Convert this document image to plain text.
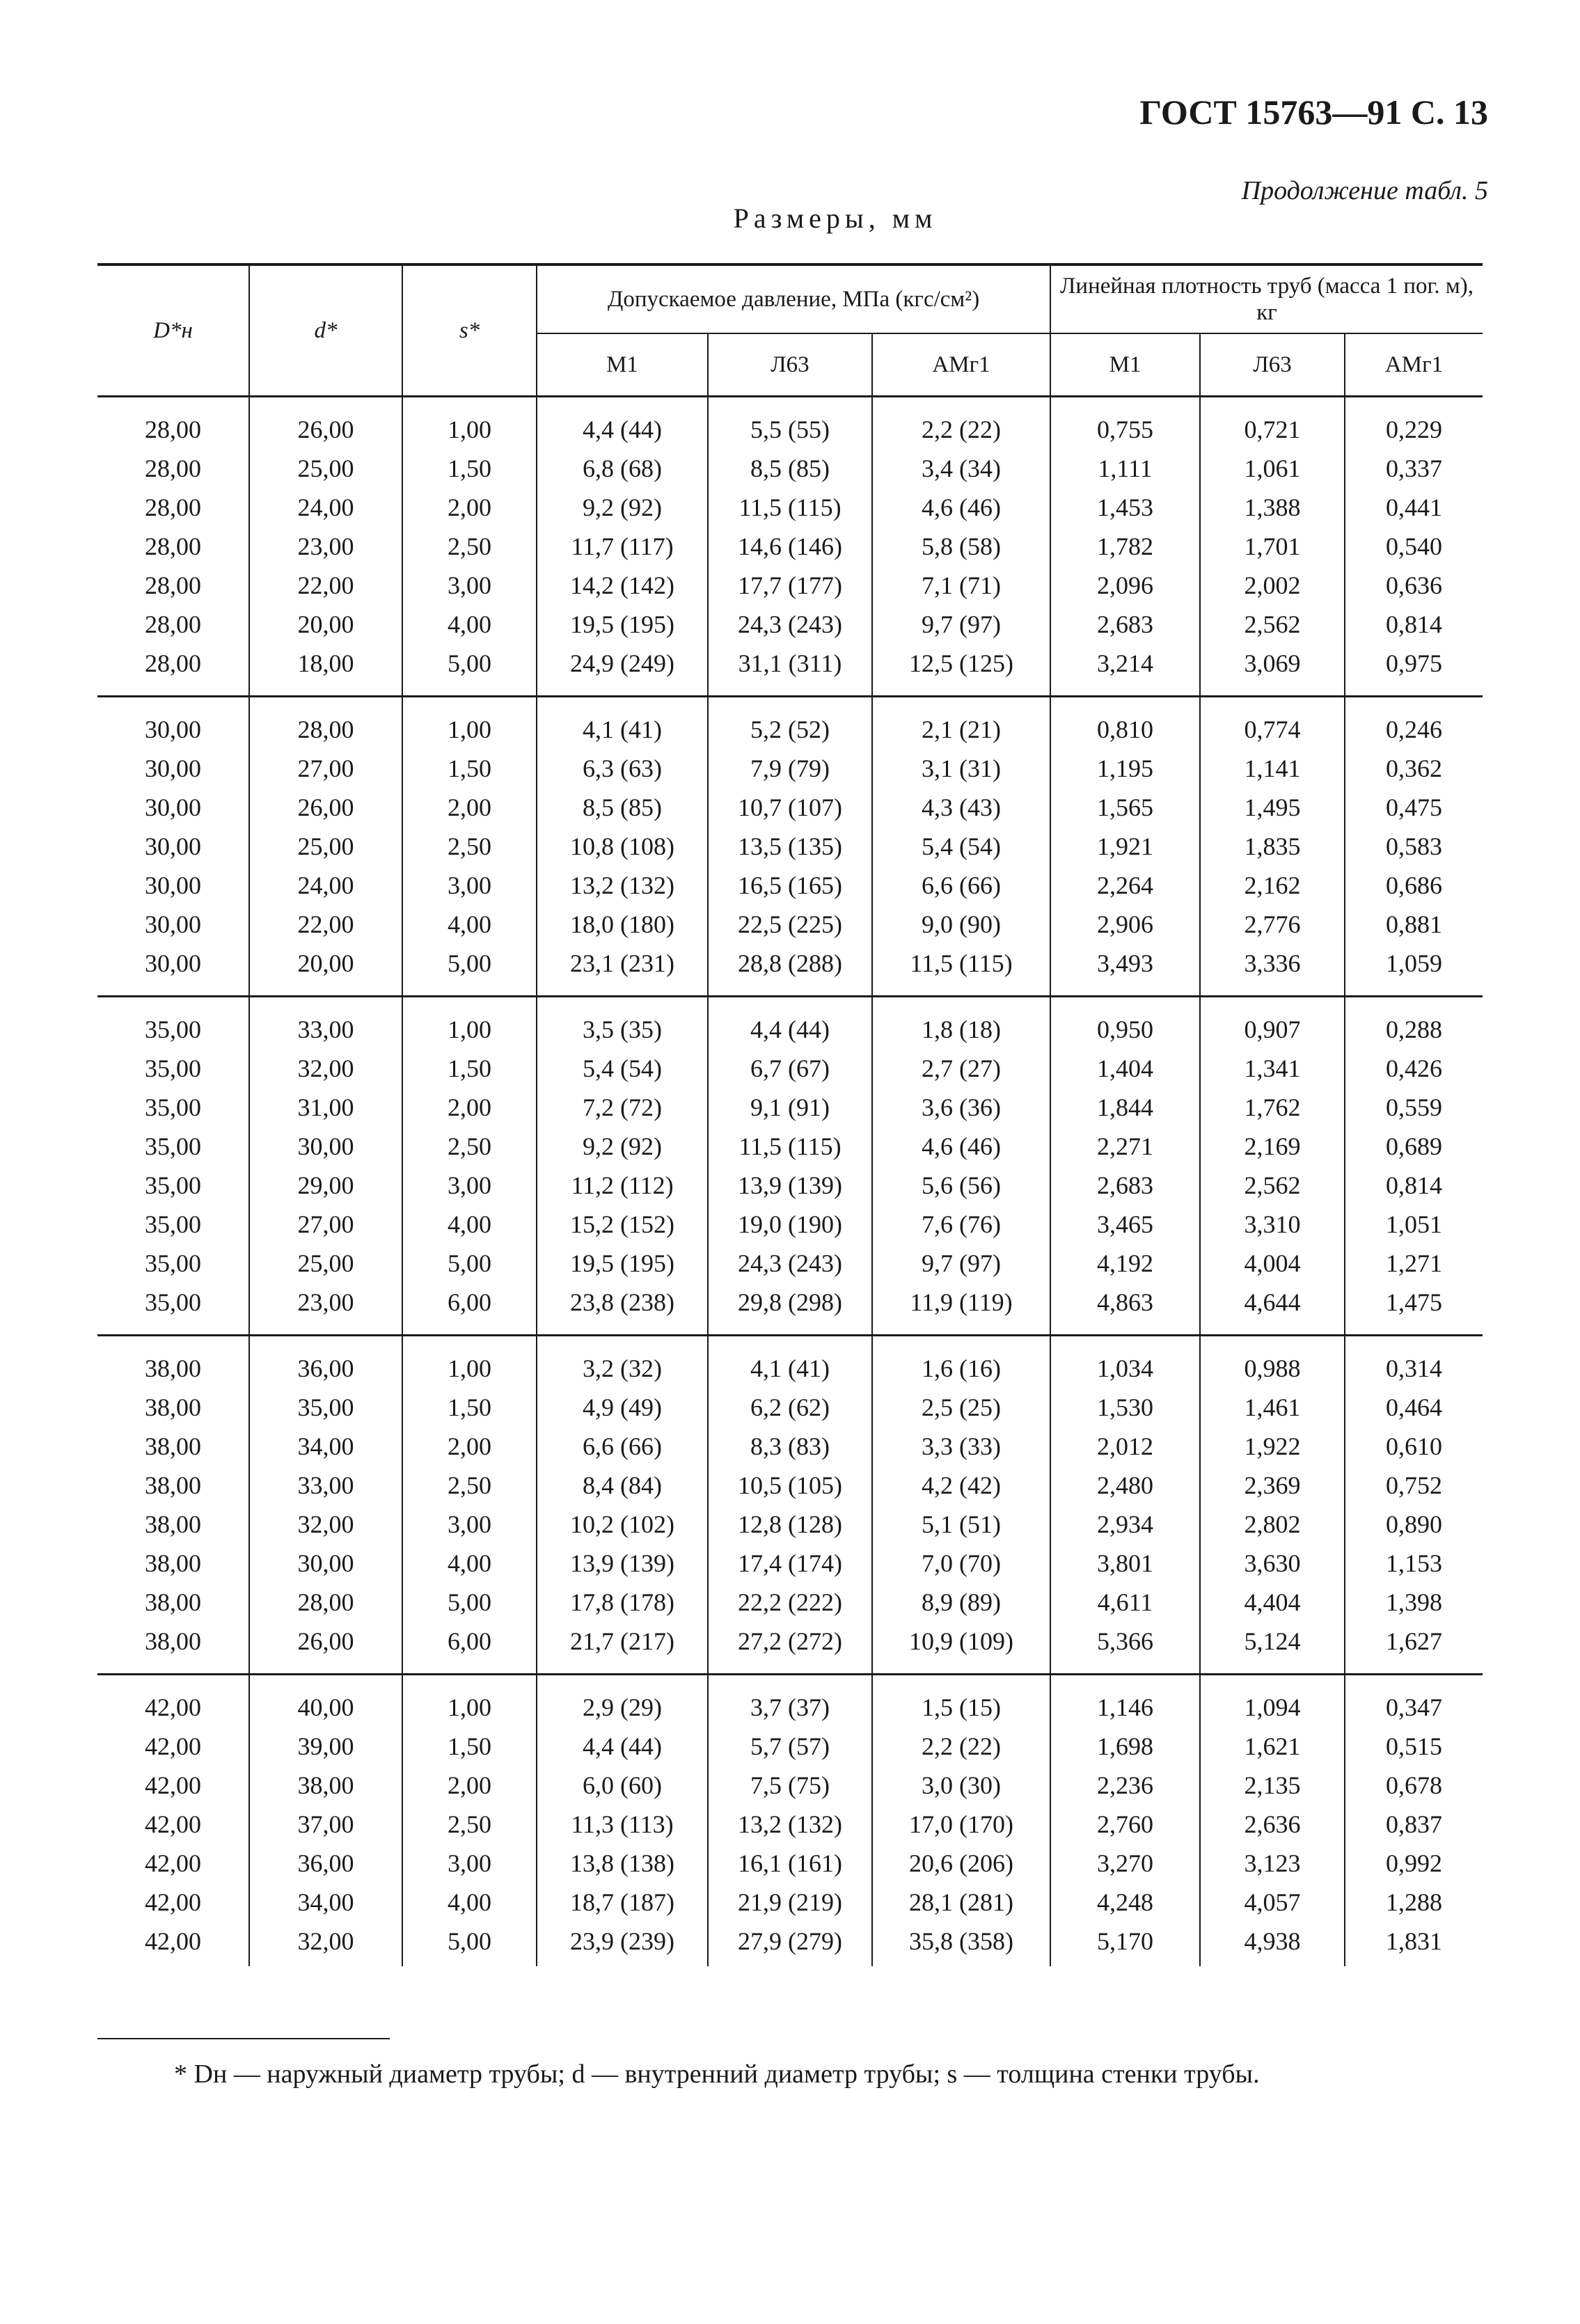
ГОСТ 15763—91 С. 13
Продолжение табл. 5
Размеры, мм
D*н	d*	s*	Допускаемое давление, МПа (кгс/см²)			Линейная плотность труб (масса 1 пог. м), кг		
			М1	Л63	АМг1	М1	Л63	АМг1
28,00	26,00	1,00	4,4 (44)	5,5 (55)	2,2 (22)	0,755	0,721	0,229
28,00	25,00	1,50	6,8 (68)	8,5 (85)	3,4 (34)	1,111	1,061	0,337
28,00	24,00	2,00	9,2 (92)	11,5 (115)	4,6 (46)	1,453	1,388	0,441
28,00	23,00	2,50	11,7 (117)	14,6 (146)	5,8 (58)	1,782	1,701	0,540
28,00	22,00	3,00	14,2 (142)	17,7 (177)	7,1 (71)	2,096	2,002	0,636
28,00	20,00	4,00	19,5 (195)	24,3 (243)	9,7 (97)	2,683	2,562	0,814
28,00	18,00	5,00	24,9 (249)	31,1 (311)	12,5 (125)	3,214	3,069	0,975
30,00	28,00	1,00	4,1 (41)	5,2 (52)	2,1 (21)	0,810	0,774	0,246
30,00	27,00	1,50	6,3 (63)	7,9 (79)	3,1 (31)	1,195	1,141	0,362
30,00	26,00	2,00	8,5 (85)	10,7 (107)	4,3 (43)	1,565	1,495	0,475
30,00	25,00	2,50	10,8 (108)	13,5 (135)	5,4 (54)	1,921	1,835	0,583
30,00	24,00	3,00	13,2 (132)	16,5 (165)	6,6 (66)	2,264	2,162	0,686
30,00	22,00	4,00	18,0 (180)	22,5 (225)	9,0 (90)	2,906	2,776	0,881
30,00	20,00	5,00	23,1 (231)	28,8 (288)	11,5 (115)	3,493	3,336	1,059
35,00	33,00	1,00	3,5 (35)	4,4 (44)	1,8 (18)	0,950	0,907	0,288
35,00	32,00	1,50	5,4 (54)	6,7 (67)	2,7 (27)	1,404	1,341	0,426
35,00	31,00	2,00	7,2 (72)	9,1 (91)	3,6 (36)	1,844	1,762	0,559
35,00	30,00	2,50	9,2 (92)	11,5 (115)	4,6 (46)	2,271	2,169	0,689
35,00	29,00	3,00	11,2 (112)	13,9 (139)	5,6 (56)	2,683	2,562	0,814
35,00	27,00	4,00	15,2 (152)	19,0 (190)	7,6 (76)	3,465	3,310	1,051
35,00	25,00	5,00	19,5 (195)	24,3 (243)	9,7 (97)	4,192	4,004	1,271
35,00	23,00	6,00	23,8 (238)	29,8 (298)	11,9 (119)	4,863	4,644	1,475
38,00	36,00	1,00	3,2 (32)	4,1 (41)	1,6 (16)	1,034	0,988	0,314
38,00	35,00	1,50	4,9 (49)	6,2 (62)	2,5 (25)	1,530	1,461	0,464
38,00	34,00	2,00	6,6 (66)	8,3 (83)	3,3 (33)	2,012	1,922	0,610
38,00	33,00	2,50	8,4 (84)	10,5 (105)	4,2 (42)	2,480	2,369	0,752
38,00	32,00	3,00	10,2 (102)	12,8 (128)	5,1 (51)	2,934	2,802	0,890
38,00	30,00	4,00	13,9 (139)	17,4 (174)	7,0 (70)	3,801	3,630	1,153
38,00	28,00	5,00	17,8 (178)	22,2 (222)	8,9 (89)	4,611	4,404	1,398
38,00	26,00	6,00	21,7 (217)	27,2 (272)	10,9 (109)	5,366	5,124	1,627
42,00	40,00	1,00	2,9 (29)	3,7 (37)	1,5 (15)	1,146	1,094	0,347
42,00	39,00	1,50	4,4 (44)	5,7 (57)	2,2 (22)	1,698	1,621	0,515
42,00	38,00	2,00	6,0 (60)	7,5 (75)	3,0 (30)	2,236	2,135	0,678
42,00	37,00	2,50	11,3 (113)	13,2 (132)	17,0 (170)	2,760	2,636	0,837
42,00	36,00	3,00	13,8 (138)	16,1 (161)	20,6 (206)	3,270	3,123	0,992
42,00	34,00	4,00	18,7 (187)	21,9 (219)	28,1 (281)	4,248	4,057	1,288
42,00	32,00	5,00	23,9 (239)	27,9 (279)	35,8 (358)	5,170	4,938	1,831
* Dн — наружный диаметр трубы; d — внутренний диаметр трубы; s — толщина стенки трубы.
